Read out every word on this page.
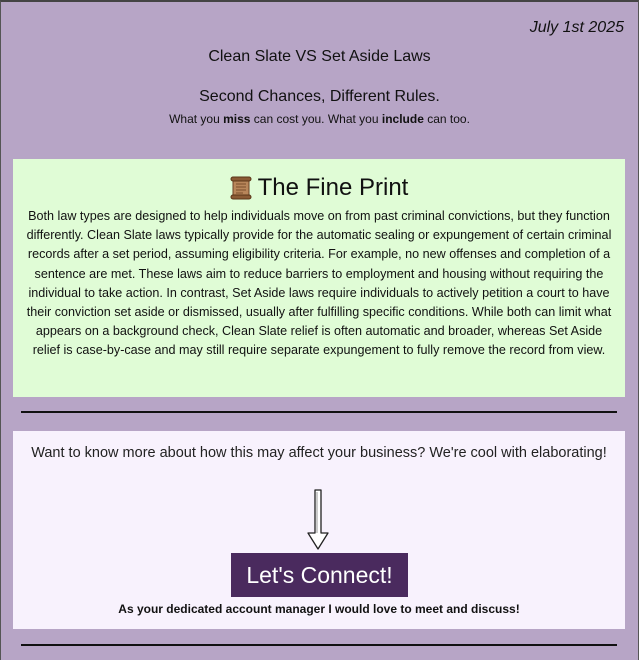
July 1st 2025
Clean Slate VS Set Aside Laws
Second Chances, Different Rules.
What you miss can cost you. What you include can too.
The Fine Print
Both law types are designed to help individuals move on from past criminal convictions, but they function differently. Clean Slate laws typically provide for the automatic sealing or expungement of certain criminal records after a set period, assuming eligibility criteria. For example, no new offenses and completion of a sentence are met. These laws aim to reduce barriers to employment and housing without requiring the individual to take action. In contrast, Set Aside laws require individuals to actively petition a court to have their conviction set aside or dismissed, usually after fulfilling specific conditions. While both can limit what appears on a background check, Clean Slate relief is often automatic and broader, whereas Set Aside relief is case-by-case and may still require separate expungement to fully remove the record from view.
Want to know more about how this may affect your business? We're cool with elaborating!
Let's Connect!
As your dedicated account manager I would love to meet and discuss!
